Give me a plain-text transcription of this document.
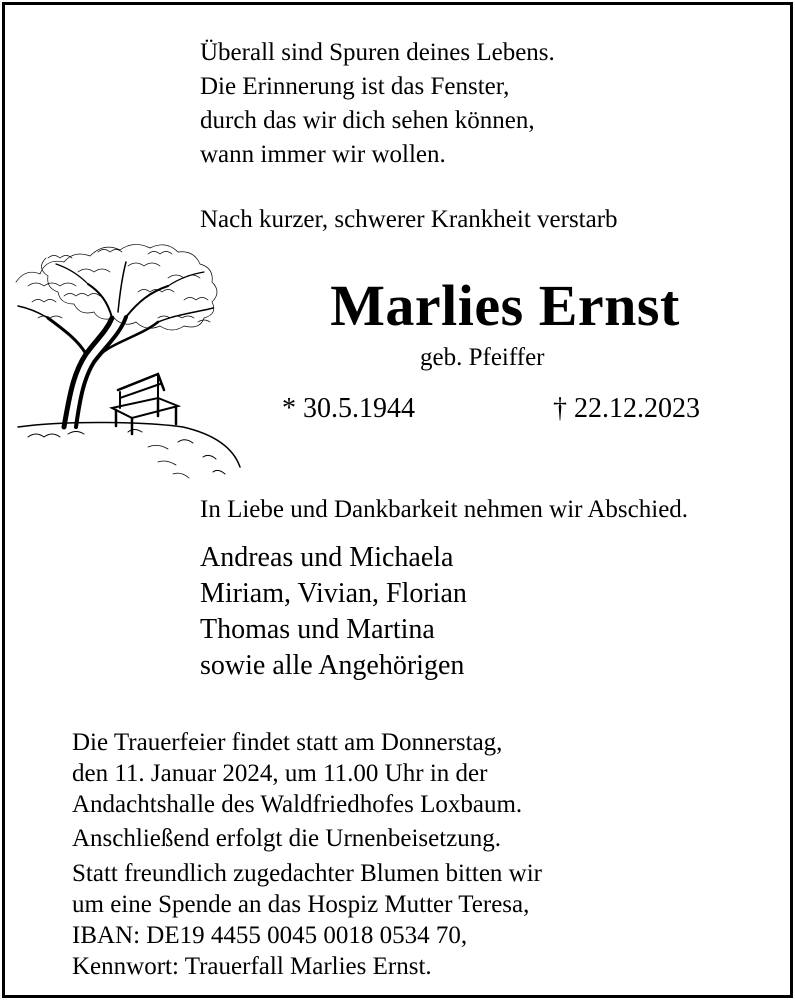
Überall sind Spuren deines Lebens.
Die Erinnerung ist das Fenster,
durch das wir dich sehen können,
wann immer wir wollen.
Nach kurzer, schwerer Krankheit verstarb
Marlies Ernst
geb. Pfeiffer
* 30.5.1944	† 22.12.2023
In Liebe und Dankbarkeit nehmen wir Abschied.
Andreas und Michaela
Miriam, Vivian, Florian
Thomas und Martina
sowie alle Angehörigen
Die Trauerfeier findet statt am Donnerstag,
den 11. Januar 2024, um 11.00 Uhr in der
Andachtshalle des Waldfriedhofes Loxbaum.
Anschließend erfolgt die Urnenbeisetzung.
Statt freundlich zugedachter Blumen bitten wir
um eine Spende an das Hospiz Mutter Teresa,
IBAN: DE19 4455 0045 0018 0534 70,
Kennwort: Trauerfall Marlies Ernst.
